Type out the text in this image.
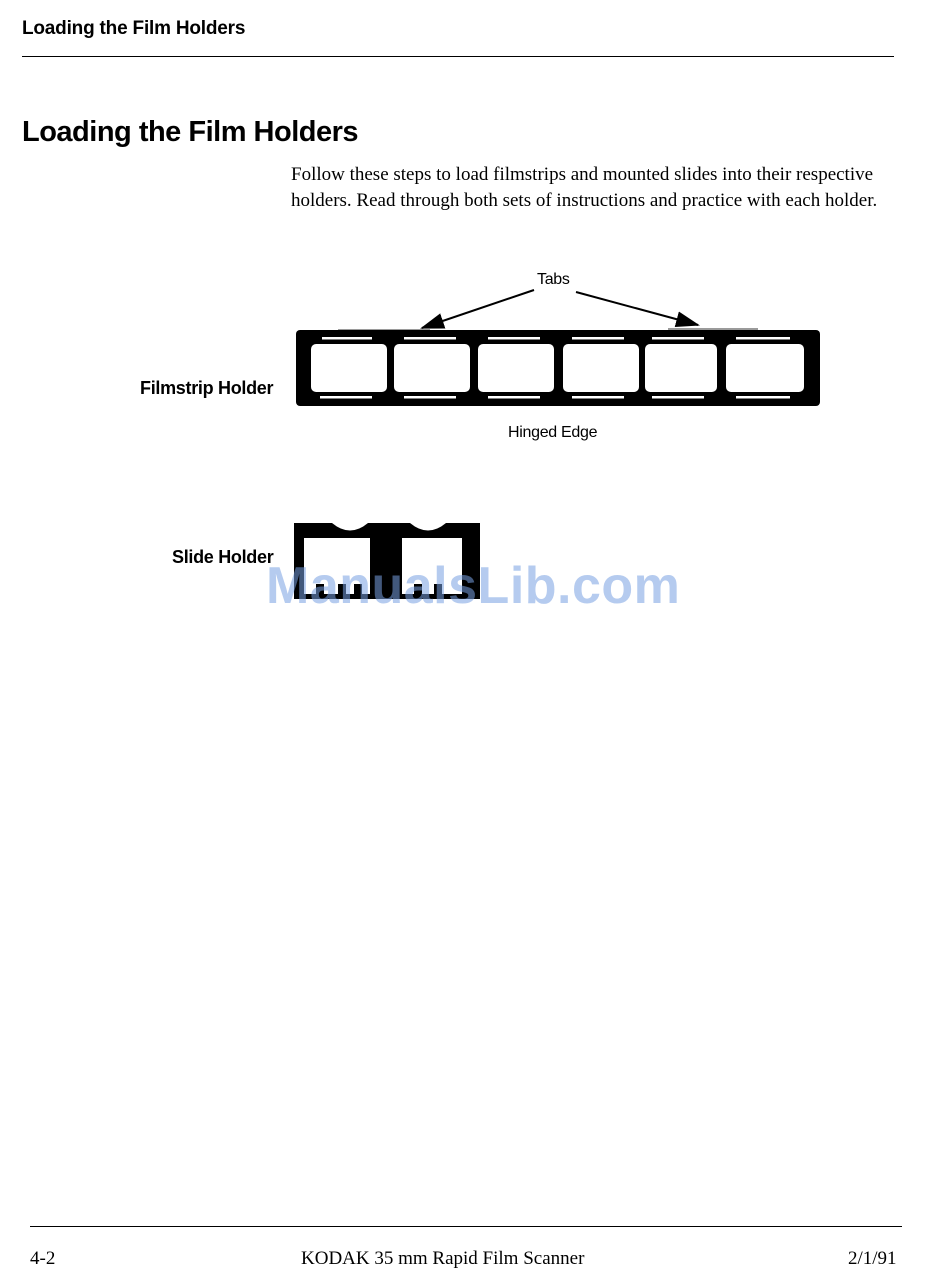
Loading the Film Holders
Loading the Film Holders
Follow these steps to load filmstrips and mounted slides into their respective holders. Read through both sets of instructions and practice with each holder.
Tabs
Filmstrip Holder
Hinged Edge
Slide Holder
ManualsLib.com
4-2	KODAK 35 mm Rapid Film Scanner	2/1/91
